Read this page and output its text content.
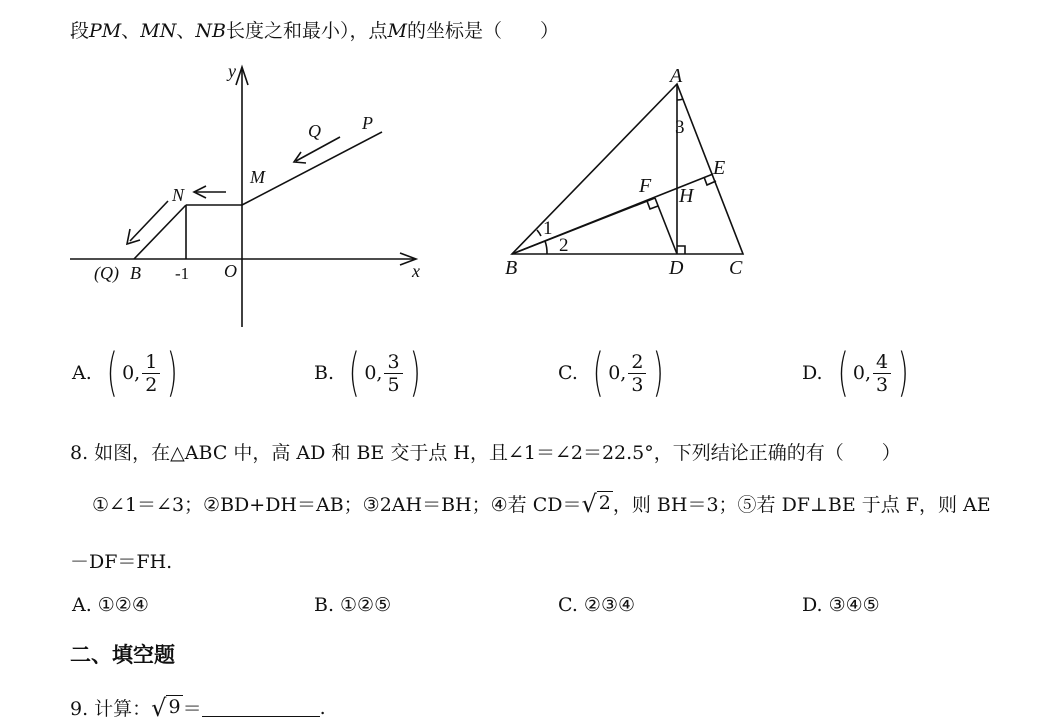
段PM、MN、NB长度之和最小），点M的坐标是（　　）
y
x
O
M
N
Q P
(Q) B -1
A
B	C
D
E
F H
1
2
3
A. ( 0, $\frac{1}{2}$ )	B. ( 0, $\frac{3}{5}$ )	C. ( 0, $\frac{2}{3}$ )	D. ( 0, $\frac{4}{3}$ )
8. 如图，在△ABC 中，高 AD 和 BE 交于点 H，且∠1＝∠2＝22.5°，下列结论正确的有（　　）
①∠1＝∠3；②BD+DH＝AB；③2AH＝BH；④若 CD＝ √ 2 ，则 BH＝3；⑤若 DF⊥BE 于点 F，则 AE
－DF＝FH.
A. ①②④	B. ①②⑤	C. ②③④	D. ③④⑤
二、填空题
9. 计算： √ 9 ＝	.
